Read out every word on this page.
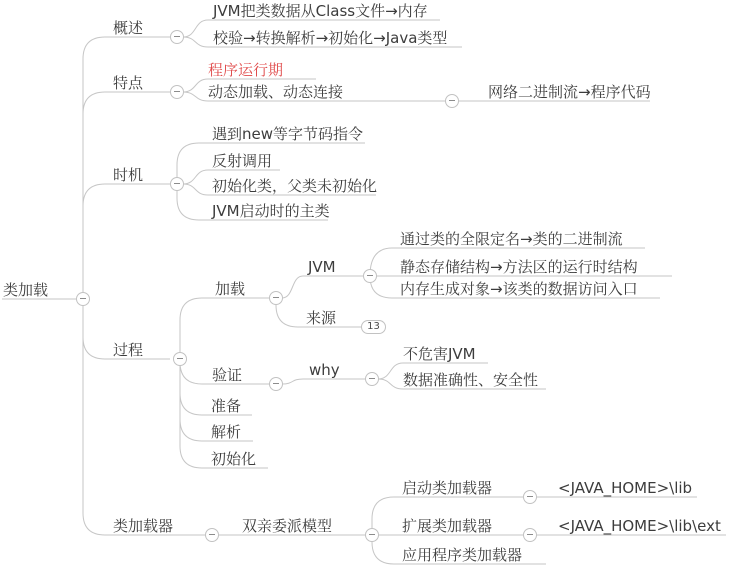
类加载
概述
JVM把类数据从Class文件→内存
校验→转换解析→初始化→Java类型
特点
程序运行期
动态加载、动态连接	网络二进制流→程序代码
时机
遇到new等字节码指令
反射调用
初始化类，父类未初始化
JVM启动时的主类
过程
加载
JVM
通过类的全限定名→类的二进制流
静态存储结构→方法区的运行时结构
内存生成对象→该类的数据访问入口
来源
验证	why
不危害JVM
数据准确性、安全性
准备
解析
初始化
类加载器	双亲委派模型
启动类加载器	<JAVA_HOME>\lib
扩展类加载器	<JAVA_HOME>\lib\ext
应用程序类加载器
13
